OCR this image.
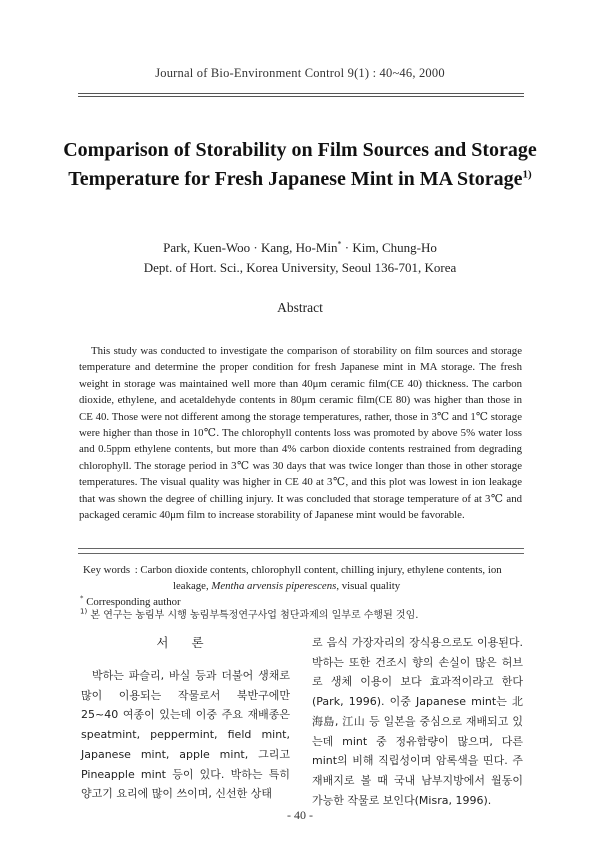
Journal of Bio-Environment Control 9(1) : 40~46, 2000
Comparison of Storability on Film Sources and Storage Temperature for Fresh Japanese Mint in MA Storage$^{1)}$
Park, Kuen-Woo · Kang, Ho-Min* · Kim, Chung-Ho
Dept. of Hort. Sci., Korea University, Seoul 136-701, Korea
Abstract

This study was conducted to investigate the comparison of storability on film sources and storage temperature and determine the proper condition for fresh Japanese mint in MA storage. The fresh weight in storage was maintained well more than 40μm ceramic film(CE 40) thickness. The carbon dioxide, ethylene, and acetaldehyde contents in 80μm ceramic film(CE 80) was higher than those in CE 40. Those were not different among the storage temperatures, rather, those in 3℃ and 1℃ storage were higher than those in 10℃. The chlorophyll contents loss was promoted by above 5% water loss and 0.5ppm ethylene contents, but more than 4% carbon dioxide contents restrained from degrading chlorophyll. The storage period in 3℃ was 30 days that was twice longer than those in other storage temperatures. The visual quality was higher in CE 40 at 3℃, and this plot was lowest in ion leakage that was shown the degree of chilling injury. It was concluded that storage temperature of at 3℃ and packaged ceramic 40μm film to increase storability of Japanese mint would be favorable.

Key words : Carbon dioxide contents, chlorophyll content, chilling injury, ethylene contents, ion
leakage, Mentha arvensis piperescens, visual quality
* Corresponding author
$^{1)}$ 본 연구는 농림부 시행 농림부특정연구사업 첨단과제의 일부로 수행된 것임.
서 론

박하는 파슬리, 바실 등과 더불어 생채로 많이 이용되는 작물로서 북반구에만 25~40 여종이 있는데 이중 주요 재배종은 speatmint, peppermint, field mint, Japanese mint, apple mint, 그리고 Pineapple mint 등이 있다. 박하는 특히 양고기 요리에 많이 쓰이며, 신선한 상태

로 음식 가장자리의 장식용으로도 이용된다. 박하는 또한 건조시 향의 손실이 많은 허브로 생체 이용이 보다 효과적이라고 한다(Park, 1996). 이중 Japanese mint는 北海島, 江山 등 일본을 중심으로 재배되고 있는데 mint 중 정유함량이 많으며, 다른 mint의 비해 직립성이며 암록색을 띤다. 주 재배지로 볼 때 국내 남부지방에서 월동이 가능한 작물로 보인다(Misra, 1996).

- 40 -
